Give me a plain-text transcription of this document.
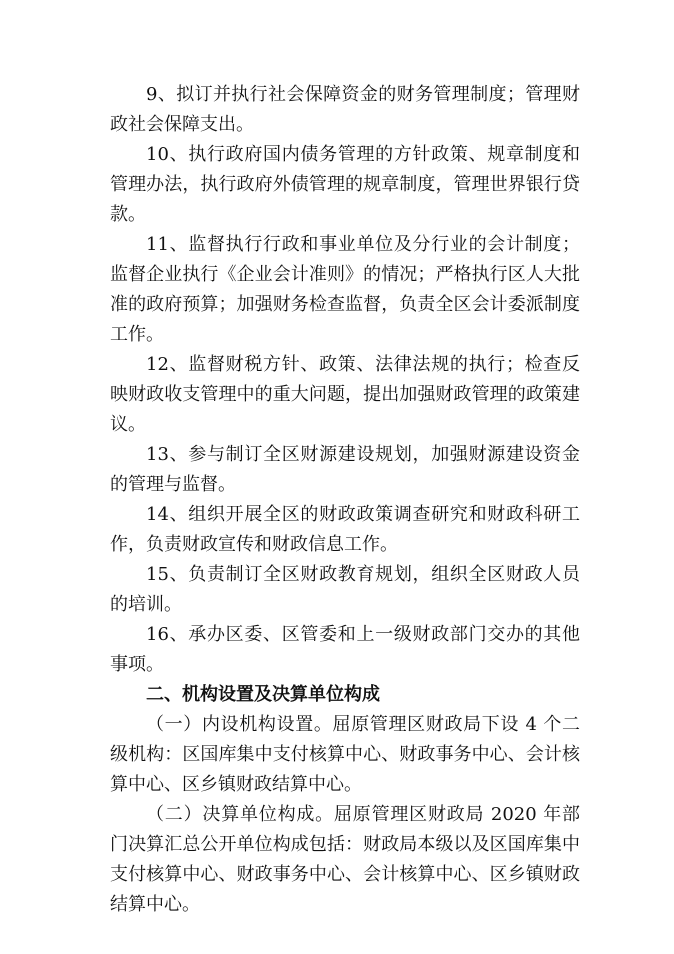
9、拟订并执行社会保障资金的财务管理制度；管理财政社会保障支出。

10、执行政府国内债务管理的方针政策、规章制度和管理办法，执行政府外债管理的规章制度，管理世界银行贷款。

11、监督执行行政和事业单位及分行业的会计制度；监督企业执行《企业会计准则》的情况；严格执行区人大批准的政府预算；加强财务检查监督，负责全区会计委派制度工作。

12、监督财税方针、政策、法律法规的执行；检查反映财政收支管理中的重大问题，提出加强财政管理的政策建议。

13、参与制订全区财源建设规划，加强财源建设资金的管理与监督。

14、组织开展全区的财政政策调查研究和财政科研工作，负责财政宣传和财政信息工作。

15、负责制订全区财政教育规划，组织全区财政人员的培训。

16、承办区委、区管委和上一级财政部门交办的其他事项。

二、机构设置及决算单位构成

（一）内设机构设置。屈原管理区财政局下设 4 个二级机构：区国库集中支付核算中心、财政事务中心、会计核算中心、区乡镇财政结算中心。

（二）决算单位构成。屈原管理区财政局 2020 年部门决算汇总公开单位构成包括：财政局本级以及区国库集中支付核算中心、财政事务中心、会计核算中心、区乡镇财政结算中心。
